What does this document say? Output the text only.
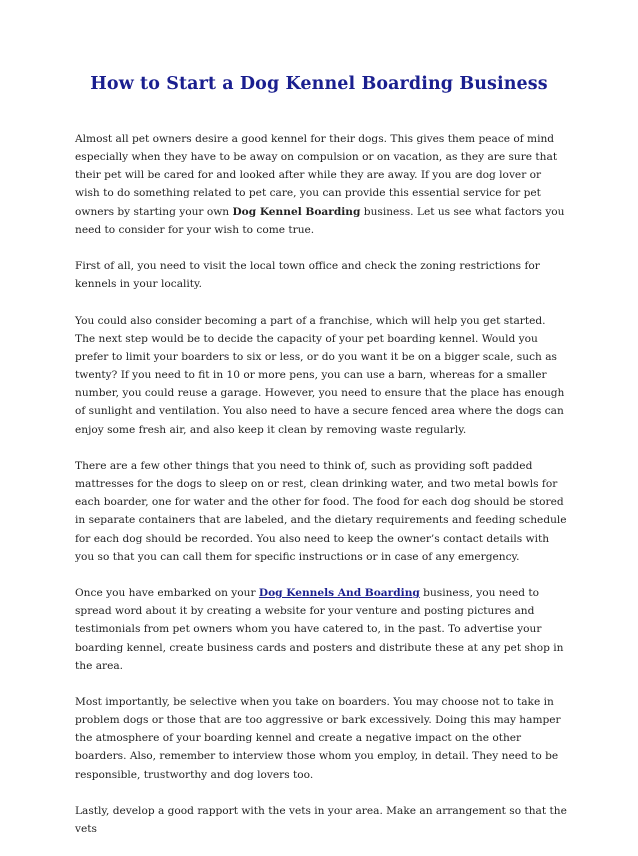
How to Start a Dog Kennel Boarding Business

Almost all pet owners desire a good kennel for their dogs. This gives them peace of mind especially when they have to be away on compulsion or on vacation, as they are sure that their pet will be cared for and looked after while they are away. If you are dog lover or wish to do something related to pet care, you can provide this essential service for pet owners by starting your own Dog Kennel Boarding business. Let us see what factors you need to consider for your wish to come true.

First of all, you need to visit the local town office and check the zoning restrictions for kennels in your locality.

You could also consider becoming a part of a franchise, which will help you get started. The next step would be to decide the capacity of your pet boarding kennel. Would you prefer to limit your boarders to six or less, or do you want it be on a bigger scale, such as twenty? If you need to fit in 10 or more pens, you can use a barn, whereas for a smaller number, you could reuse a garage. However, you need to ensure that the place has enough of sunlight and ventilation. You also need to have a secure fenced area where the dogs can enjoy some fresh air, and also keep it clean by removing waste regularly.

There are a few other things that you need to think of, such as providing soft padded mattresses for the dogs to sleep on or rest, clean drinking water, and two metal bowls for each boarder, one for water and the other for food. The food for each dog should be stored in separate containers that are labeled, and the dietary requirements and feeding schedule for each dog should be recorded. You also need to keep the owner’s contact details with you so that you can call them for specific instructions or in case of any emergency.

Once you have embarked on your Dog Kennels And Boarding business, you need to spread word about it by creating a website for your venture and posting pictures and testimonials from pet owners whom you have catered to, in the past. To advertise your boarding kennel, create business cards and posters and distribute these at any pet shop in the area.

Most importantly, be selective when you take on boarders. You may choose not to take in problem dogs or those that are too aggressive or bark excessively. Doing this may hamper the atmosphere of your boarding kennel and create a negative impact on the other boarders. Also, remember to interview those whom you employ, in detail. They need to be responsible, trustworthy and dog lovers too.

Lastly, develop a good rapport with the vets in your area. Make an arrangement so that the vets
